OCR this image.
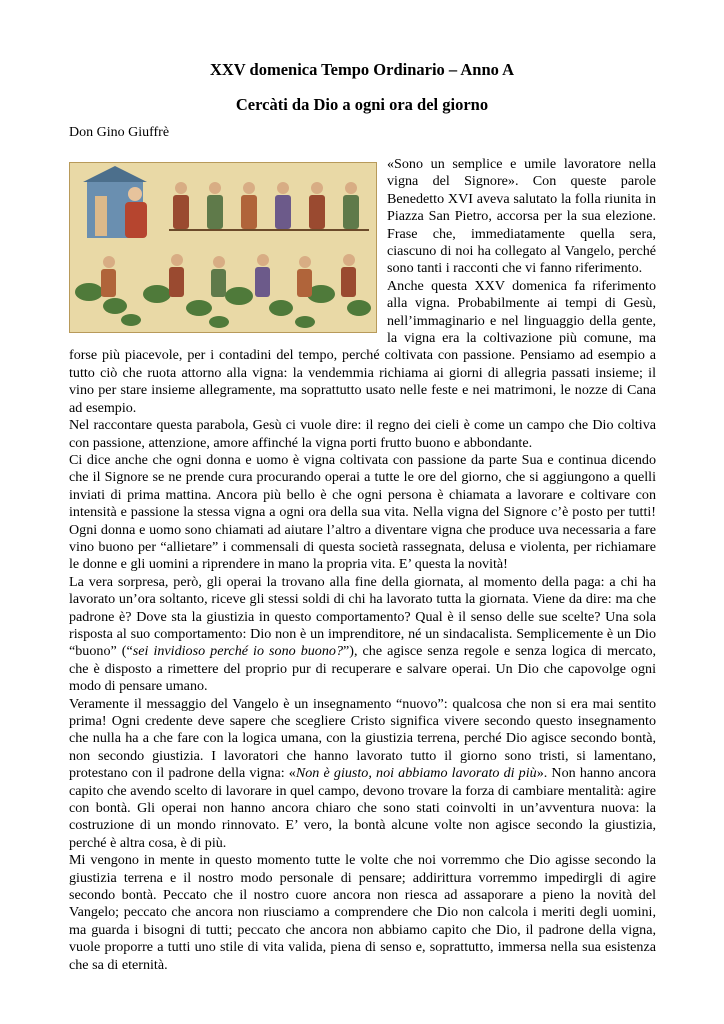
XXV domenica Tempo Ordinario – Anno A
Cercàti da Dio a ogni ora del giorno
Don Gino Giuffrè

«Sono un semplice e umile lavoratore nella vigna del Signore». Con queste parole Benedetto XVI aveva salutato la folla riunita in Piazza San Pietro, accorsa per la sua elezione. Frase che, immediatamente quella sera, ciascuno di noi ha collegato al Vangelo, perché sono tanti i racconti che vi fanno riferimento.

Anche questa XXV domenica fa riferimento alla vigna. Probabilmente ai tempi di Gesù, nell’immaginario e nel linguaggio della gente, la vigna era la coltivazione più comune, ma forse più piacevole, per i contadini del tempo, perché coltivata con passione. Pensiamo ad esempio a tutto ciò che ruota attorno alla vigna: la vendemmia richiama ai giorni di allegria passati insieme; il vino per stare insieme allegramente, ma soprattutto usato nelle feste e nei matrimoni, le nozze di Cana ad esempio.

Nel raccontare questa parabola, Gesù ci vuole dire: il regno dei cieli è come un campo che Dio coltiva con passione, attenzione, amore affinché la vigna porti frutto buono e abbondante.

Ci dice anche che ogni donna e uomo è vigna coltivata con passione da parte Sua e continua dicendo che il Signore se ne prende cura procurando operai a tutte le ore del giorno, che si aggiungono a quelli inviati di prima mattina. Ancora più bello è che ogni persona è chiamata a lavorare e coltivare con intensità e passione la stessa vigna a ogni ora della sua vita. Nella vigna del Signore c’è posto per tutti! Ogni donna e uomo sono chiamati ad aiutare l’altro a diventare vigna che produce uva necessaria a fare vino buono per “allietare” i commensali di questa società rassegnata, delusa e violenta, per richiamare le donne e gli uomini a riprendere in mano la propria vita. E’ questa la novità!

La vera sorpresa, però, gli operai la trovano alla fine della giornata, al momento della paga: a chi ha lavorato un’ora soltanto, riceve gli stessi soldi di chi ha lavorato tutta la giornata. Viene da dire: ma che padrone è? Dove sta la giustizia in questo comportamento? Qual è il senso delle sue scelte? Una sola risposta al suo comportamento: Dio non è un imprenditore, né un sindacalista. Semplicemente è un Dio “buono” (“sei invidioso perché io sono buono?”), che agisce senza regole e senza logica di mercato, che è disposto a rimettere del proprio pur di recuperare e salvare operai. Un Dio che capovolge ogni modo di pensare umano.

Veramente il messaggio del Vangelo è un insegnamento “nuovo”: qualcosa che non si era mai sentito prima! Ogni credente deve sapere che scegliere Cristo significa vivere secondo questo insegnamento che nulla ha a che fare con la logica umana, con la giustizia terrena, perché Dio agisce secondo bontà, non secondo giustizia. I lavoratori che hanno lavorato tutto il giorno sono tristi, si lamentano, protestano con il padrone della vigna: «Non è giusto, noi abbiamo lavorato di più». Non hanno ancora capito che avendo scelto di lavorare in quel campo, devono trovare la forza di cambiare mentalità: agire con bontà. Gli operai non hanno ancora chiaro che sono stati coinvolti in un’avventura nuova: la costruzione di un mondo rinnovato. E’ vero, la bontà alcune volte non agisce secondo la giustizia, perché è altra cosa, è di più.

Mi vengono in mente in questo momento tutte le volte che noi vorremmo che Dio agisse secondo la giustizia terrena e il nostro modo personale di pensare; addirittura vorremmo impedirgli di agire secondo bontà. Peccato che il nostro cuore ancora non riesca ad assaporare a pieno la novità del Vangelo; peccato che ancora non riusciamo a comprendere che Dio non calcola i meriti degli uomini, ma guarda i bisogni di tutti; peccato che ancora non abbiamo capito che Dio, il padrone della vigna, vuole proporre a tutti uno stile di vita valida, piena di senso e, soprattutto, immersa nella sua esistenza che sa di eternità.
